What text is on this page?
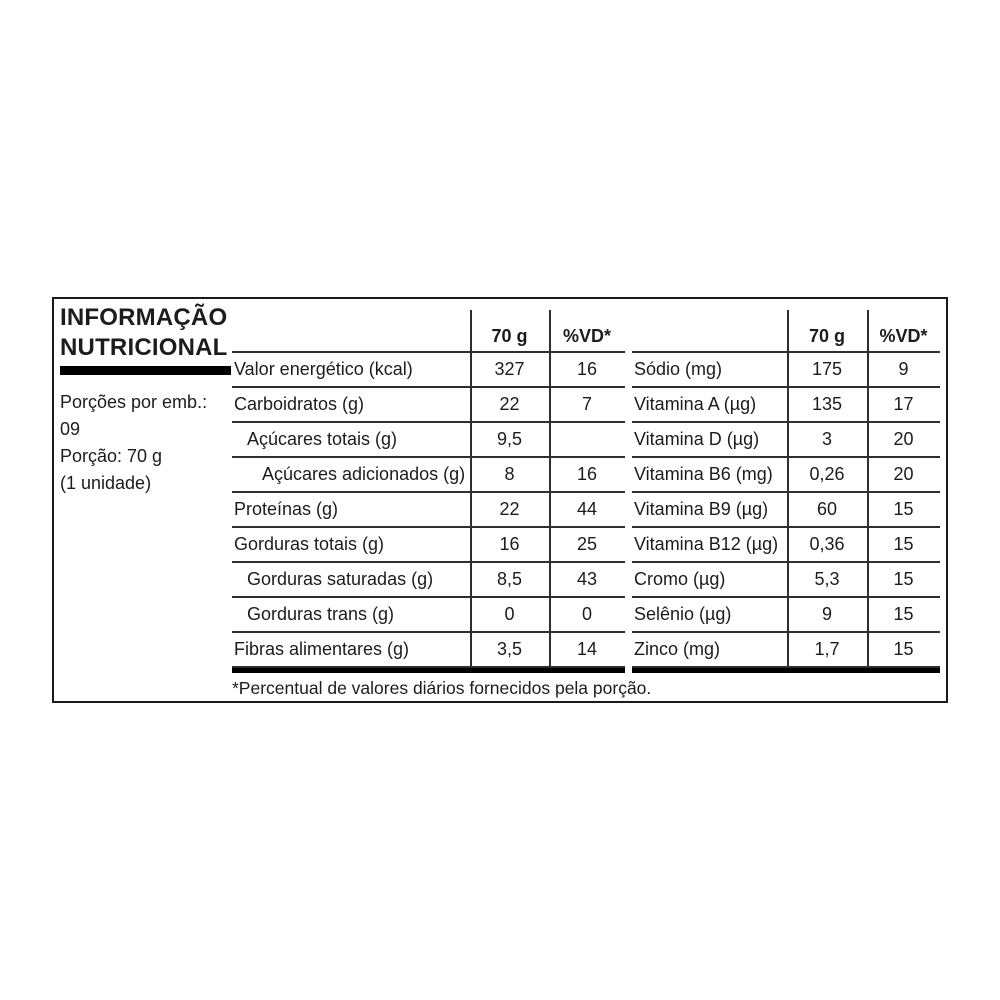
INFORMAÇÃO
NUTRICIONAL
Porções por emb.:
09
Porção: 70 g
(1 unidade)
70 g	%VD*
Valor energético (kcal)	327	16
Carboidratos (g)	22	7
Açúcares totais (g)	9,5
Açúcares adicionados (g)	8	16
Proteínas (g)	22	44
Gorduras totais (g)	16	25
Gorduras saturadas (g)	8,5	43
Gorduras trans (g)	0	0
Fibras alimentares (g)	3,5	14
70 g	%VD*
Sódio (mg)	175	9
Vitamina A (µg)	135	17
Vitamina D (µg)	3	20
Vitamina B6 (mg)	0,26	20
Vitamina B9 (µg)	60	15
Vitamina B12 (µg)	0,36	15
Cromo (µg)	5,3	15
Selênio (µg)	9	15
Zinco (mg)	1,7	15
*Percentual de valores diários fornecidos pela porção.
